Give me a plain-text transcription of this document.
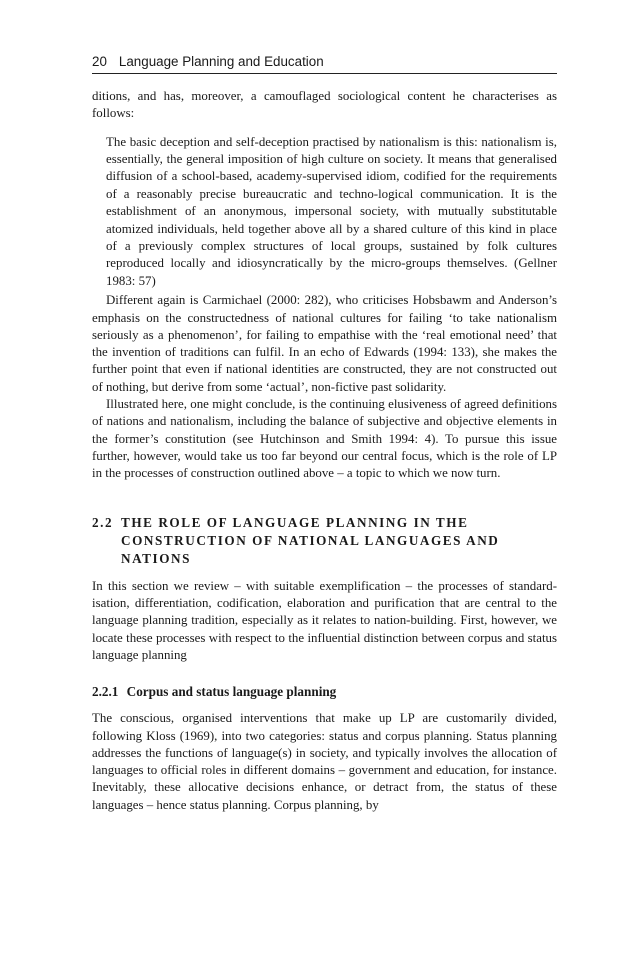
20 Language Planning and Education

ditions, and has, moreover, a camouflaged sociological content he characterises as follows:

The basic deception and self-deception practised by nationalism is this: nationalism is, essentially, the general imposition of high culture on society. It means that generalised diffusion of a school-based, academy-supervised idiom, codified for the requirements of a reasonably precise bureaucratic and techno-logical communication. It is the establishment of an anonymous, impersonal society, with mutually substitutable atomized individuals, held together above all by a shared culture of this kind in place of a previously complex structures of local groups, sustained by folk cultures reproduced locally and idiosyncratically by the micro-groups themselves. (Gellner 1983: 57)

Different again is Carmichael (2000: 282), who criticises Hobsbawm and Anderson’s emphasis on the constructedness of national cultures for failing ‘to take nationalism seriously as a phenomenon’, for failing to empathise with the ‘real emotional need’ that the invention of traditions can fulfil. In an echo of Edwards (1994: 133), she makes the further point that even if national identities are constructed, they are not constructed out of nothing, but derive from some ‘actual’, non-fictive past solidarity.

Illustrated here, one might conclude, is the continuing elusiveness of agreed definitions of nations and nationalism, including the balance of subjective and objective elements in the former’s constitution (see Hutchinson and Smith 1994: 4). To pursue this issue further, however, would take us too far beyond our central focus, which is the role of LP in the processes of construction outlined above – a topic to which we now turn.

2.2 THE ROLE OF LANGUAGE PLANNING IN THE CONSTRUCTION OF NATIONAL LANGUAGES AND NATIONS

In this section we review – with suitable exemplification – the processes of standard-isation, differentiation, codification, elaboration and purification that are central to the language planning tradition, especially as it relates to nation-building. First, however, we locate these processes with respect to the influential distinction between corpus and status language planning

2.2.1 Corpus and status language planning

The conscious, organised interventions that make up LP are customarily divided, following Kloss (1969), into two categories: status and corpus planning. Status planning addresses the functions of language(s) in society, and typically involves the allocation of languages to official roles in different domains – government and education, for instance. Inevitably, these allocative decisions enhance, or detract from, the status of these languages – hence status planning. Corpus planning, by
